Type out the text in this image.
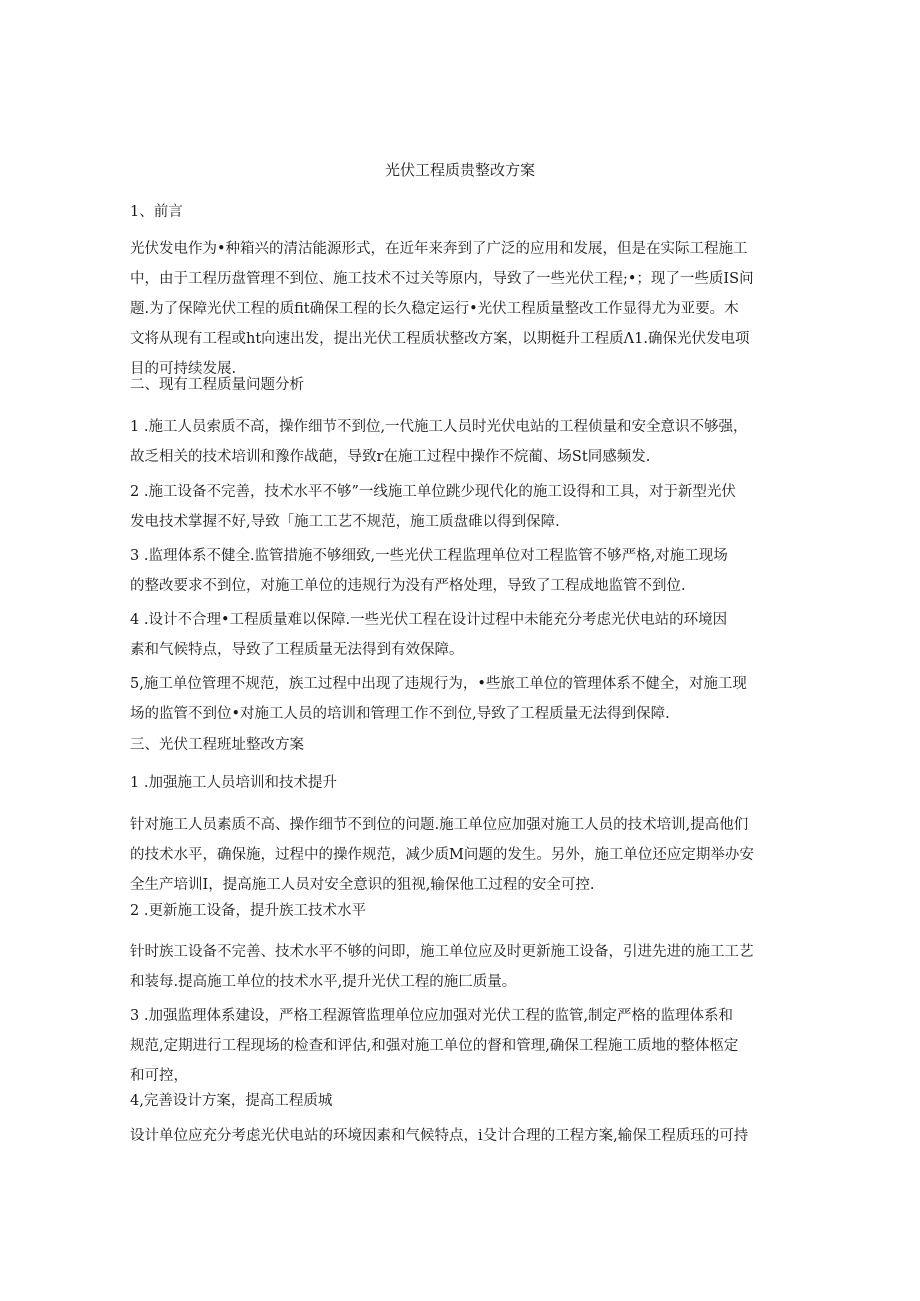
光伏工程质贵整改方案
1、前言
光伏发电作为•种箱兴的清沽能源形式，在近年来奔到了广泛的应用和发展，但是在实际工程施工
中，由于工程历盘管理不到位、施工技术不过关等原内，导致了一些光伏工程;•；现了一些质IS问
题.为了保障光伏工程的质fit确保工程的长久稳定运行•光伏工程质量整改工作显得尤为亚要。木
文将从现有工程或ht向速出发，提出光伏工程质状整改方案，以期梃升工程质Λ1.确保光伏发电项
目的可持续发展.
二、现有工程质量问题分析
1 .施工人员索质不高，操作细节不到位,一代施工人员时光伏电站的工程侦量和安全意识不够强，
故乏相关的技术培训和豫作战葩，导致r在施工过程中操作不烷蔺、场St同感频发.
2 .施工设备不完善，技术水平不够”一线施工单位跳少现代化的施工设得和工具，对于新型光伏
发电技术掌握不好,导致「施工工艺不规范，施工质盘碓以得到保障.
3 .监理体系不健全.监管措施不够细致,一些光伏工程监理单位对工程监管不够严格,对施工现场
的整改要求不到位，对施工单位的违规行为没有严格处理，导致了工程成地监管不到位.
4 .设计不合理•工程质量难以保障.一些光伏工程在设计过程中未能充分考虑光伏电站的环境因
素和气候特点，导致了工程质量无法得到有效保障。
5,施工单位管理不规范，族工过程中出现了违规行为，•些旅工单位的管理体系不健全，对施工现
场的监管不到位•对施工人员的培训和管理工作不到位,导致了工程质量无法得到保障.
三、光伏工程班址整改方案
1 .加强施工人员培训和技术提升
针对施工人员素质不高、操作细节不到位的问题.施工单位应加强对施工人员的技术培训,提高他们
的技术水平，确保施，过程中的操作规范，减少质M问题的发生。另外，施工单位还应定期举办安
全生产培训I，提高施工人员对安全意识的狙视,输保他工过程的安全可控.
2 .更新施工设备，提升族工技术水平
针时族工设备不完善、技术水平不够的问即，施工单位应及时更新施工设备，引进先进的施工工艺
和装每.提高施工单位的技术水平,提升光伏工程的施匚质量。
3 .加强监理体系建设，严格工程源管监理单位应加强对光伏工程的监管,制定严格的监理体系和
规范,定期进行工程现场的检查和评估,和强对施工单位的督和管理,确保工程施工质地的整体柩定
和可控，
4,完善设计方案，提高工程质城
设计单位应充分考虑光伏电站的环境因素和气候特点，i殳计合理的工程方案,输保工程质珏的可持
